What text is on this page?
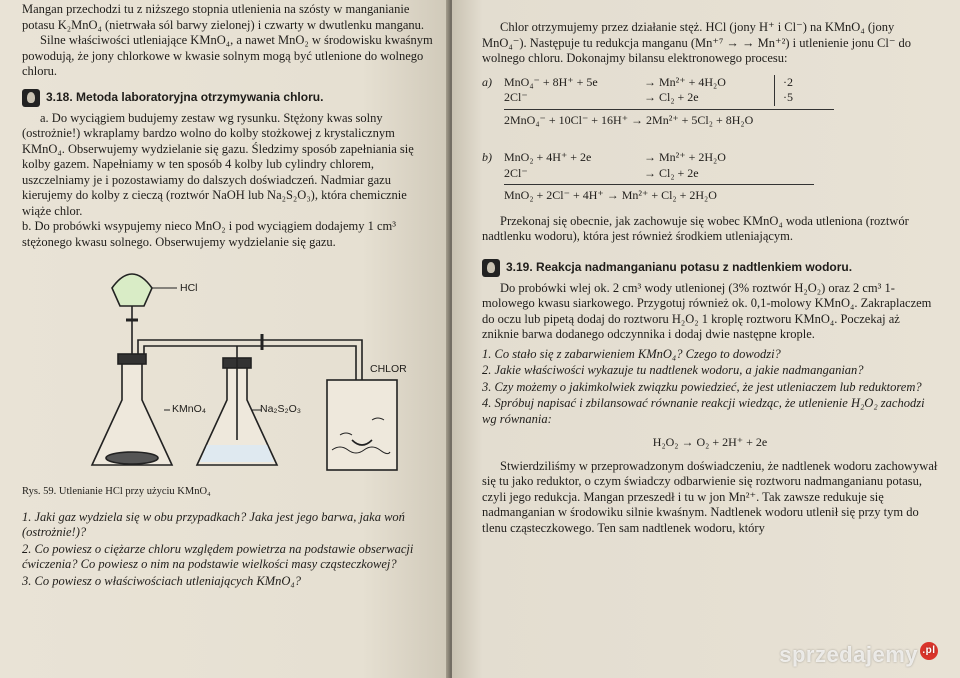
Mangan przechodzi tu z niższego stopnia utlenienia na szósty w manganianie potasu K₂MnO₄ (nietrwała sól barwy zielonej) i czwarty w dwutlenku manganu.

Silne właściwości utleniające KMnO₄, a nawet MnO₂ w środowisku kwaśnym powodują, że jony chlorkowe w kwasie solnym mogą być utlenione do wolnego chloru.

3.18. Metoda laboratoryjna otrzymywania chloru.

a. Do wyciągiem budujemy zestaw wg rysunku. Stężony kwas solny (ostrożnie!) wkraplamy bardzo wolno do kolby stożkowej z krystalicznym KMnO₄. Obserwujemy wydzielanie się gazu. Śledzimy sposób zapełniania się kolby gazem. Napełniamy w ten sposób 4 kolby lub cylindry chlorem, uszczelniamy je i pozostawiamy do dalszych doświadczeń. Nadmiar gazu kierujemy do kolby z cieczą (roztwór NaOH lub Na₂S₂O₃), która chemicznie wiąże chlor.

b. Do probówki wsypujemy nieco MnO₂ i pod wyciągiem dodajemy 1 cm³ stężonego kwasu solnego. Obserwujemy wydzielanie się gazu.

HCl
KMnO₄	Na₂S₂O₃
CHLOR

Rys. 59. Utlenianie HCl przy użyciu KMnO₄

1. Jaki gaz wydziela się w obu przypadkach? Jaka jest jego barwa, jaka woń (ostrożnie!)?

2. Co powiesz o ciężarze chloru względem powietrza na podstawie obserwacji ćwiczenia? Co powiesz o nim na podstawie wielkości masy cząsteczkowej?

3. Co powiesz o właściwościach utleniających KMnO₄?

Chlor otrzymujemy przez działanie stęż. HCl (jony H⁺ i Cl⁻) na KMnO₄ (jony MnO₄⁻). Następuje tu redukcja manganu (Mn⁺⁷ → → Mn⁺²) i utlenienie jonu Cl⁻ do wolnego chloru. Dokonajmy bilansu elektronowego procesu:

a)	MnO₄⁻ + 8H⁺ + 5e	→ Mn²⁺ + 4H₂O	·2
2Cl⁻	→ Cl₂ + 2e	·5
2MnO₄⁻ + 10Cl⁻ + 16H⁺ → 2Mn²⁺ + 5Cl₂ + 8H₂O
b)	MnO₂ + 4H⁺ + 2e	→ Mn²⁺ + 2H₂O
2Cl⁻	→ Cl₂ + 2e
MnO₂ + 2Cl⁻ + 4H⁺ → Mn²⁺ + Cl₂ + 2H₂O

Przekonaj się obecnie, jak zachowuje się wobec KMnO₄ woda utleniona (roztwór nadtlenku wodoru), która jest również środkiem utleniającym.

3.19. Reakcja nadmanganianu potasu z nadtlenkiem wodoru.

Do probówki wlej ok. 2 cm³ wody utlenionej (3% roztwór H₂O₂) oraz 2 cm³ 1-molowego kwasu siarkowego. Przygotuj również ok. 0,1-molowy KMnO₄. Zakraplaczem do oczu lub pipetą dodaj do roztworu H₂O₂ 1 kroplę roztworu KMnO₄. Poczekaj aż zniknie barwa dodanego odczynnika i dodaj dwie następne krople.

1. Co stało się z zabarwieniem KMnO₄? Czego to dowodzi?

2. Jakie właściwości wykazuje tu nadtlenek wodoru, a jakie nadmanganian?

3. Czy możemy o jakimkolwiek związku powiedzieć, że jest utleniaczem lub reduktorem?

4. Spróbuj napisać i zbilansować równanie reakcji wiedząc, że utlenienie H₂O₂ zachodzi wg równania:

H₂O₂ → O₂ + 2H⁺ + 2e

Stwierdziliśmy w przeprowadzonym doświadczeniu, że nadtlenek wodoru zachowywał się tu jako reduktor, o czym świadczy odbarwienie się roztworu nadmanganianu potasu, czyli jego redukcja. Mangan przeszedł i tu w jon Mn²⁺. Tak zawsze redukuje się nadmanganian w środowiku silnie kwaśnym. Nadtlenek wodoru utlenił się przy tym do tlenu cząsteczkowego. Ten sam nadtlenek wodoru, który

sprzedajemy .pl
